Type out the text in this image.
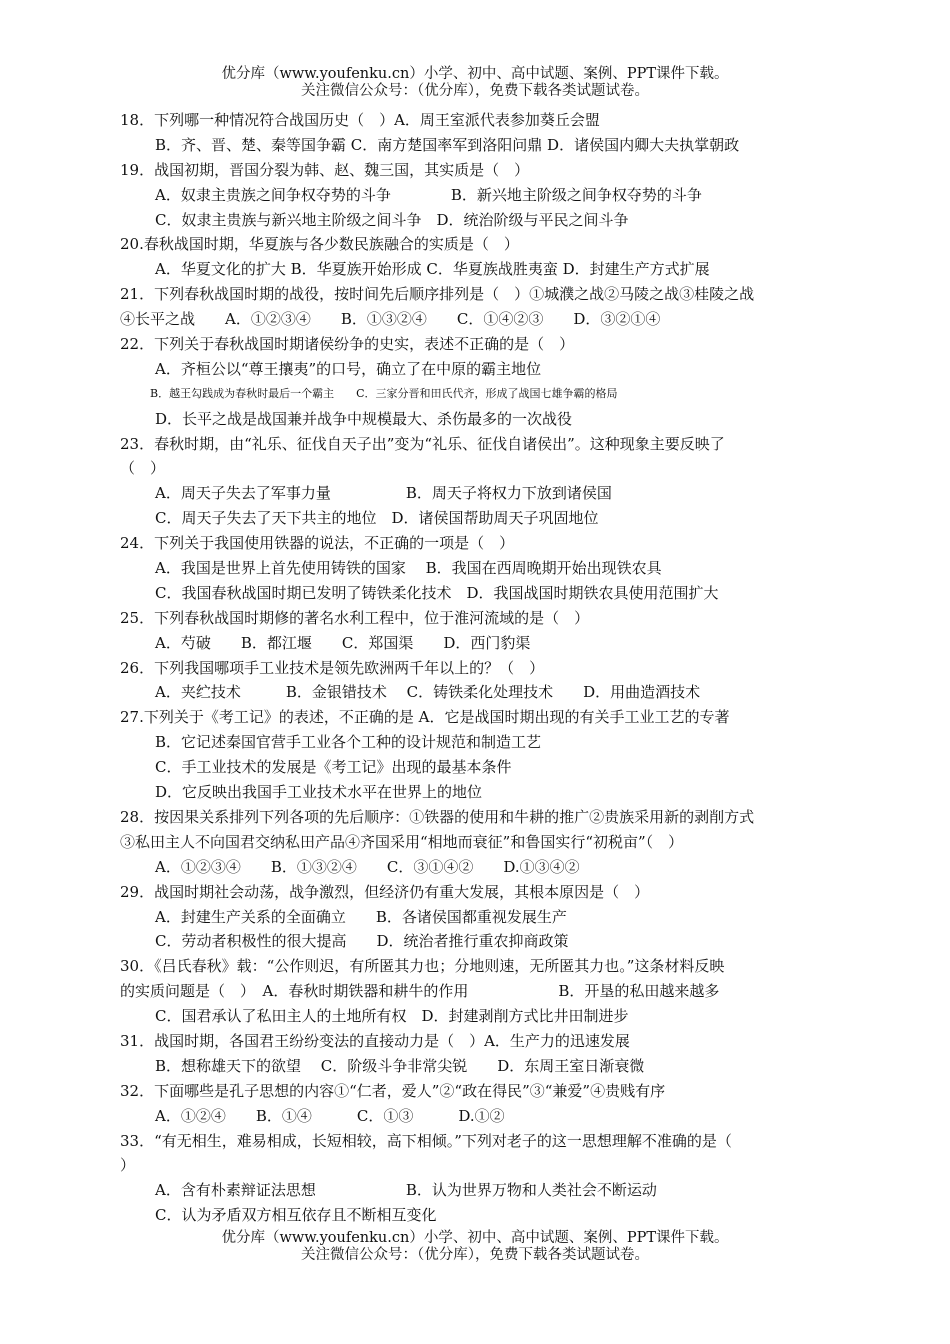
优分库（www.youfenku.cn）小学、初中、高中试题、案例、PPT课件下载。
关注微信公众号：（优分库），免费下载各类试题试卷。
18．下列哪一种情况符合战国历史（　）A．周王室派代表参加葵丘会盟
B．齐、晋、楚、秦等国争霸 C．南方楚国率军到洛阳问鼎 D．诸侯国内卿大夫执掌朝政
19．战国初期，晋国分裂为韩、赵、魏三国，其实质是（　）
A．奴隶主贵族之间争权夺势的斗争　　　　B．新兴地主阶级之间争权夺势的斗争
C．奴隶主贵族与新兴地主阶级之间斗争　D．统治阶级与平民之间斗争
20.春秋战国时期，华夏族与各少数民族融合的实质是（　）
A．华夏文化的扩大 B．华夏族开始形成 C．华夏族战胜夷蛮 D．封建生产方式扩展
21．下列春秋战国时期的战役，按时间先后顺序排列是（　）①城濮之战②马陵之战③桂陵之战
④长平之战　　A．①②③④　　B．①③②④　　C．①④②③　　D．③②①④
22．下列关于春秋战国时期诸侯纷争的史实，表述不正确的是（　）
A．齐桓公以“尊王攘夷”的口号，确立了在中原的霸主地位
B．越王勾践成为春秋时最后一个霸主　　C．三家分晋和田氏代齐，形成了战国七雄争霸的格局
D．长平之战是战国兼并战争中规模最大、杀伤最多的一次战役
23．春秋时期，由“礼乐、征伐自天子出”变为“礼乐、征伐自诸侯出”。这种现象主要反映了
（　）
A．周天子失去了军事力量　　　　　B．周天子将权力下放到诸侯国
C．周天子失去了天下共主的地位　D．诸侯国帮助周天子巩固地位
24．下列关于我国使用铁器的说法，不正确的一项是（　）
A．我国是世界上首先使用铸铁的国家　 B．我国在西周晚期开始出现铁农具
C．我国春秋战国时期已发明了铸铁柔化技术　D．我国战国时期铁农具使用范围扩大
25．下列春秋战国时期修的著名水利工程中，位于淮河流域的是（　）
A．芍破　　B．都江堰　　C．郑国渠　　D．西门豹渠
26．下列我国哪项手工业技术是领先欧洲两千年以上的？（　）
A．夹纻技术　　　B．金银错技术　 C．铸铁柔化处理技术　　D．用曲造酒技术
27.下列关于《考工记》的表述，不正确的是 A．它是战国时期出现的有关手工业工艺的专著
B．它记述秦国官营手工业各个工种的设计规范和制造工艺
C．手工业技术的发展是《考工记》出现的最基本条件
D．它反映出我国手工业技术水平在世界上的地位
28．按因果关系排列下列各项的先后顺序：①铁器的使用和牛耕的推广②贵族采用新的剥削方式
③私田主人不向国君交纳私田产品④齐国采用“相地而衰征”和鲁国实行“初税亩”（　）
A．①②③④　　B．①③②④　　C．③①④②　　D.①③④②
29．战国时期社会动荡，战争激烈，但经济仍有重大发展，其根本原因是（　）
A．封建生产关系的全面确立　　B．各诸侯国都重视发展生产
C．劳动者积极性的很大提高　　D．统治者推行重农抑商政策
30．《吕氏春秋》载：“公作则迟，有所匿其力也；分地则速，无所匿其力也。”这条材料反映
的实质问题是（　）　A．春秋时期铁器和耕牛的作用　　　　　　B．开垦的私田越来越多
C．国君承认了私田主人的土地所有权　D．封建剥削方式比井田制进步
31．战国时期，各国君王纷纷变法的直接动力是（　）A．生产力的迅速发展
B．想称雄天下的欲望　 C．阶级斗争非常尖锐　　D．东周王室日渐衰微
32．下面哪些是孔子思想的内容①“仁者，爱人”②“政在得民”③“兼爱”④贵贱有序
A．①②④　　B．①④　　　C．①③　　　D.①②
33．“有无相生，难易相成，长短相较，高下相倾。”下列对老子的这一思想理解不准确的是（
）
A．含有朴素辩证法思想　　　　　　B．认为世界万物和人类社会不断运动
C．认为矛盾双方相互依存且不断相互变化
优分库（www.youfenku.cn）小学、初中、高中试题、案例、PPT课件下载。
关注微信公众号：（优分库），免费下载各类试题试卷。
